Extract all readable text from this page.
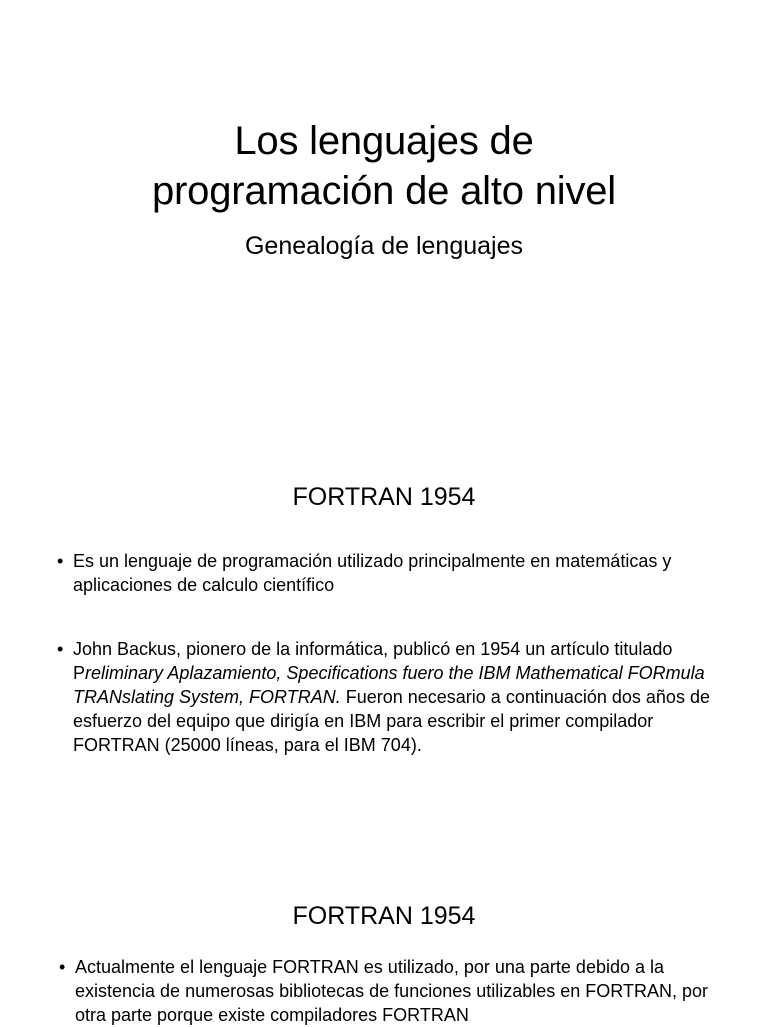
Los lenguajes de
programación de alto nivel
Genealogía de lenguajes
FORTRAN 1954
• Es un lenguaje de programación utilizado principalmente en matemáticas y aplicaciones de calculo científico
• John Backus, pionero de la informática, publicó en 1954 un artículo titulado Preliminary Aplazamiento, Specifications fuero the IBM Mathematical FORmula TRANslating System, FORTRAN. Fueron necesario a continuación dos años de esfuerzo del equipo que dirigía en IBM para escribir el primer compilador FORTRAN (25000 líneas, para el IBM 704).
FORTRAN 1954
• Actualmente el lenguaje FORTRAN es utilizado, por una parte debido a la existencia de numerosas bibliotecas de funciones utilizables en FORTRAN, por otra parte porque existe compiladores FORTRAN
